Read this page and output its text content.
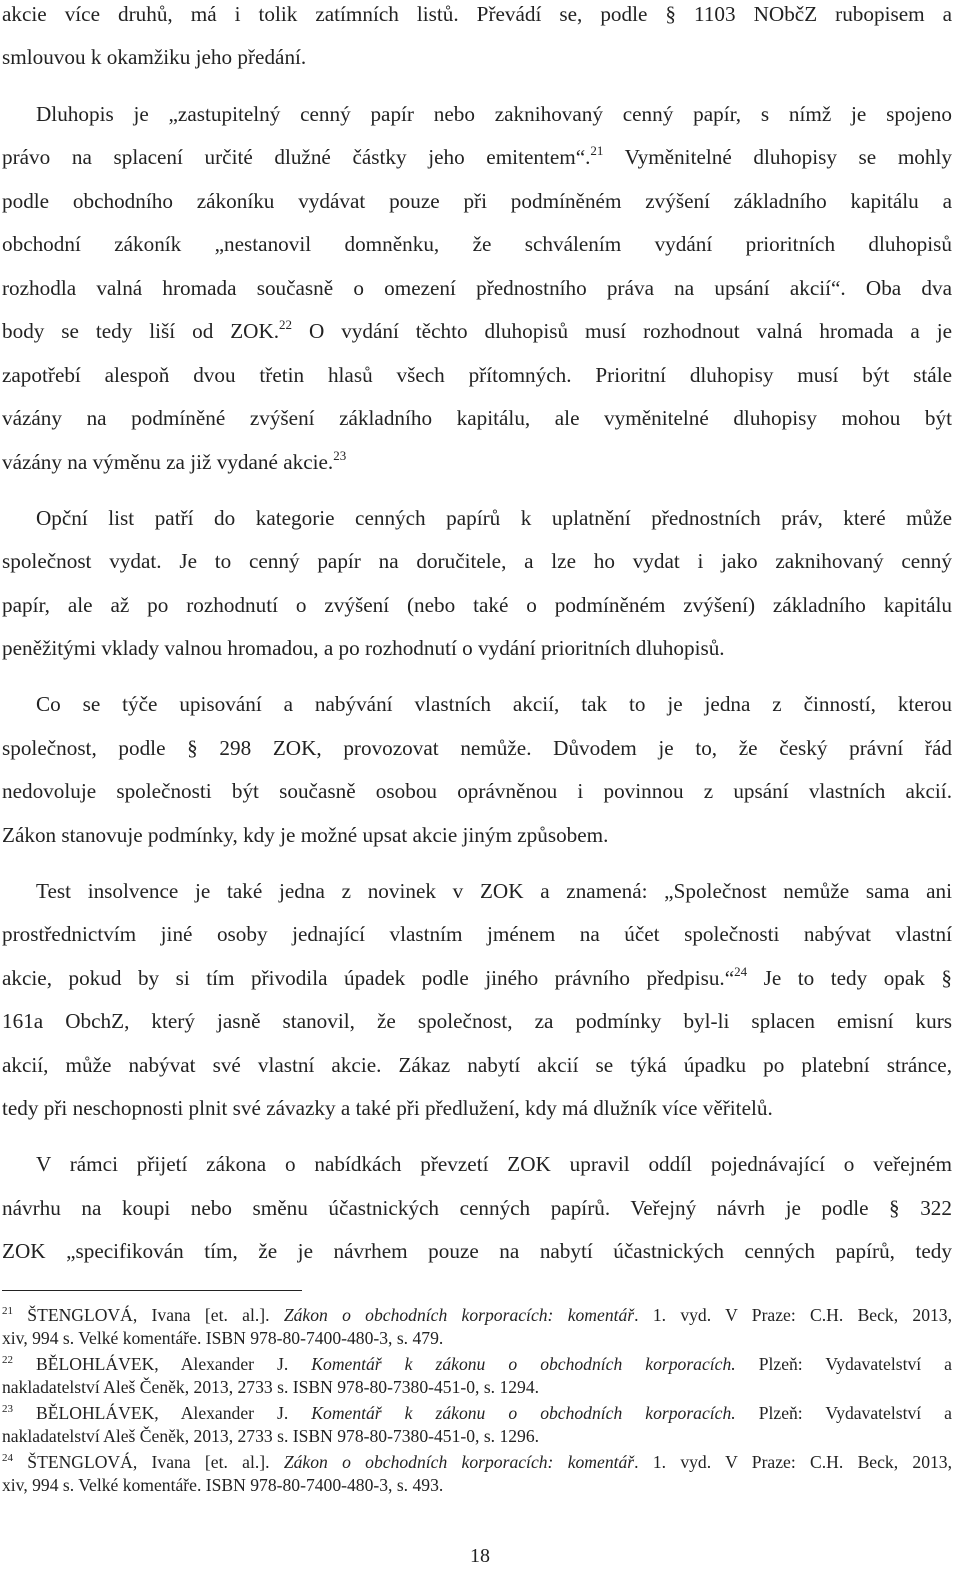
akcie více druhů, má i tolik zatímních listů. Převádí se, podle § 1103 NObčZ rubopisem a
smlouvou k okamžiku jeho předání.
Dluhopis je „zastupitelný cenný papír nebo zaknihovaný cenný papír, s nímž je spojeno
právo na splacení určité dlužné částky jeho emitentem“.$^{21}$ Vyměnitelné dluhopisy se mohly
podle obchodního zákoníku vydávat pouze při podmíněném zvýšení základního kapitálu a
obchodní zákoník „nestanovil domněnku, že schválením vydání prioritních dluhopisů
rozhodla valná hromada současně o omezení přednostního práva na upsání akcií“. Oba dva
body se tedy liší od ZOK.$^{22}$ O vydání těchto dluhopisů musí rozhodnout valná hromada a je
zapotřebí alespoň dvou třetin hlasů všech přítomných. Prioritní dluhopisy musí být stále
vázány na podmíněné zvýšení základního kapitálu, ale vyměnitelné dluhopisy mohou být
vázány na výměnu za již vydané akcie.$^{23}$
Opční list patří do kategorie cenných papírů k uplatnění přednostních práv, které může
společnost vydat. Je to cenný papír na doručitele, a lze ho vydat i jako zaknihovaný cenný
papír, ale až po rozhodnutí o zvýšení (nebo také o podmíněném zvýšení) základního kapitálu
peněžitými vklady valnou hromadou, a po rozhodnutí o vydání prioritních dluhopisů.
Co se týče upisování a nabývání vlastních akcií, tak to je jedna z činností, kterou
společnost, podle § 298 ZOK, provozovat nemůže. Důvodem je to, že český právní řád
nedovoluje společnosti být současně osobou oprávněnou i povinnou z upsání vlastních akcií.
Zákon stanovuje podmínky, kdy je možné upsat akcie jiným způsobem.
Test insolvence je také jedna z novinek v ZOK a znamená: „Společnost nemůže sama ani
prostřednictvím jiné osoby jednající vlastním jménem na účet společnosti nabývat vlastní
akcie, pokud by si tím přivodila úpadek podle jiného právního předpisu.“$^{24}$ Je to tedy opak §
161a ObchZ, který jasně stanovil, že společnost, za podmínky byl-li splacen emisní kurs
akcií, může nabývat své vlastní akcie. Zákaz nabytí akcií se týká úpadku po platební stránce,
tedy při neschopnosti plnit své závazky a také při předlužení, kdy má dlužník více věřitelů.
V rámci přijetí zákona o nabídkách převzetí ZOK upravil oddíl pojednávající o veřejném
návrhu na koupi nebo směnu účastnických cenných papírů. Veřejný návrh je podle § 322
ZOK „specifikován tím, že je návrhem pouze na nabytí účastnických cenných papírů, tedy
$^{21}$ ŠTENGLOVÁ, Ivana [et. al.]. Zákon o obchodních korporacích: komentář. 1. vyd. V Praze: C.H. Beck, 2013,
xiv, 994 s. Velké komentáře. ISBN 978-80-7400-480-3, s. 479.
$^{22}$ BĚLOHLÁVEK, Alexander J. Komentář k zákonu o obchodních korporacích. Plzeň: Vydavatelství a
nakladatelství Aleš Čeněk, 2013, 2733 s. ISBN 978-80-7380-451-0, s. 1294.
$^{23}$ BĚLOHLÁVEK, Alexander J. Komentář k zákonu o obchodních korporacích. Plzeň: Vydavatelství a
nakladatelství Aleš Čeněk, 2013, 2733 s. ISBN 978-80-7380-451-0, s. 1296.
$^{24}$ ŠTENGLOVÁ, Ivana [et. al.]. Zákon o obchodních korporacích: komentář. 1. vyd. V Praze: C.H. Beck, 2013,
xiv, 994 s. Velké komentáře. ISBN 978-80-7400-480-3, s. 493.
18
